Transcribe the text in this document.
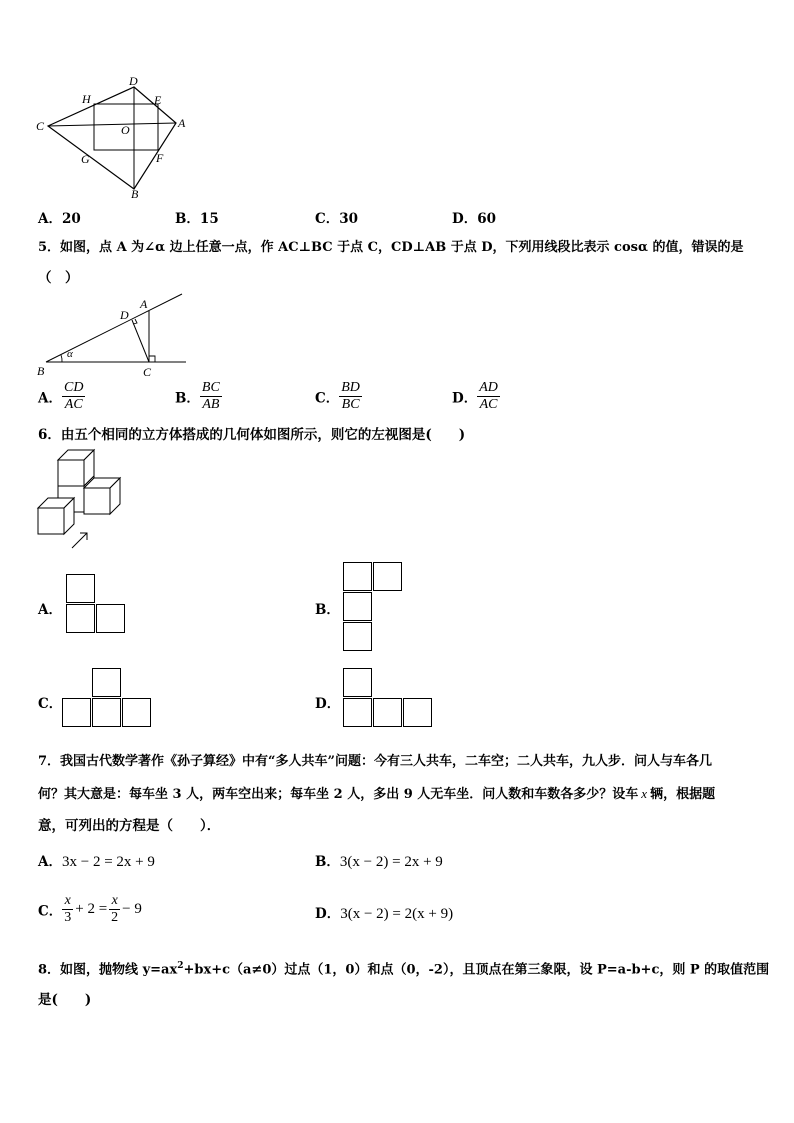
H
D
E
C	O	A
G	F
B
A．20	B．15	C．30	D．60
5．如图，点 A 为∠α 边上任意一点，作 AC⊥BC 于点 C，CD⊥AB 于点 D，下列用线段比表示 cosα 的值，错误的是
（　）
D
A
α
B	C
A． $\frac{CD}{AC}$	B． $\frac{BC}{AB}$	C． $\frac{BD}{BC}$	D． $\frac{AD}{AC}$
6．由五个相同的立方体搭成的几何体如图所示，则它的左视图是(　　)
A．	B．
C．	D．
7．我国古代数学著作《孙子算经》中有“多人共车”问题：今有三人共车，二车空；二人共车，九人步．问人与车各几
何？其大意是：每车坐 3 人，两车空出来；每车坐 2 人，多出 9 人无车坐．问人数和车数各多少？设车 x 辆，根据题
意，可列出的方程是（　　）．
A．3x − 2 = 2x + 9	B．3(x − 2) = 2x + 9
C． $\frac{x}{3} + 2 = \frac{x}{2} - 9$	D．3(x − 2) = 2(x + 9)
8．如图，抛物线 $y=ax^2+bx+c(a\ne 0)$过点（1，0）和点（0，-2），且顶点在第三象限，设 P=a-b+c，则 P 的取值范围
是(　　)
